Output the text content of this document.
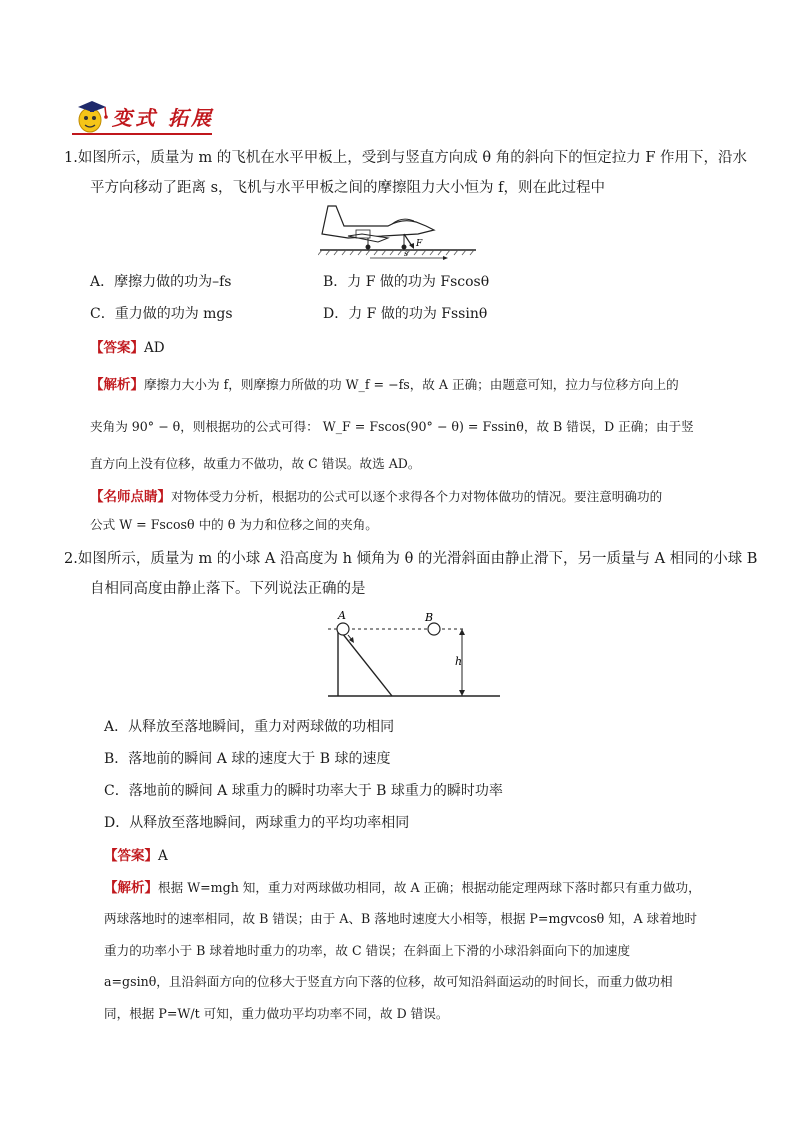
变式 拓展
1.如图所示，质量为 m 的飞机在水平甲板上，受到与竖直方向成 θ 角的斜向下的恒定拉力 F 作用下，沿水
平方向移动了距离 s，飞机与水平甲板之间的摩擦阻力大小恒为 f，则在此过程中
F
s
A．摩擦力做的功为–fs	B．力 F 做的功为 Fscosθ
C．重力做的功为 mgs	D．力 F 做的功为 Fssinθ
【答案】AD
【解析】摩擦力大小为 f，则摩擦力所做的功 W_f = −fs，故 A 正确；由题意可知，拉力与位移方向上的
夹角为 90° − θ，则根据功的公式可得： W_F = Fscos(90° − θ) = Fssinθ，故 B 错误，D 正确；由于竖
直方向上没有位移，故重力不做功，故 C 错误。故选 AD。
【名师点睛】对物体受力分析，根据功的公式可以逐个求得各个力对物体做功的情况。要注意明确功的
公式 W = Fscosθ 中的 θ 为力和位移之间的夹角。
2.如图所示，质量为 m 的小球 A 沿高度为 h 倾角为 θ 的光滑斜面由静止滑下，另一质量与 A 相同的小球 B
自相同高度由静止落下。下列说法正确的是
A	B
h
A．从释放至落地瞬间，重力对两球做的功相同
B．落地前的瞬间 A 球的速度大于 B 球的速度
C．落地前的瞬间 A 球重力的瞬时功率大于 B 球重力的瞬时功率
D．从释放至落地瞬间，两球重力的平均功率相同
【答案】A
【解析】根据 W=mgh 知，重力对两球做功相同，故 A 正确；根据动能定理两球下落时都只有重力做功，
两球落地时的速率相同，故 B 错误；由于 A、B 落地时速度大小相等，根据 P=mgvcosθ 知，A 球着地时
重力的功率小于 B 球着地时重力的功率，故 C 错误；在斜面上下滑的小球沿斜面向下的加速度
a=gsinθ，且沿斜面方向的位移大于竖直方向下落的位移，故可知沿斜面运动的时间长，而重力做功相
同，根据 P=W/t 可知，重力做功平均功率不同，故 D 错误。
